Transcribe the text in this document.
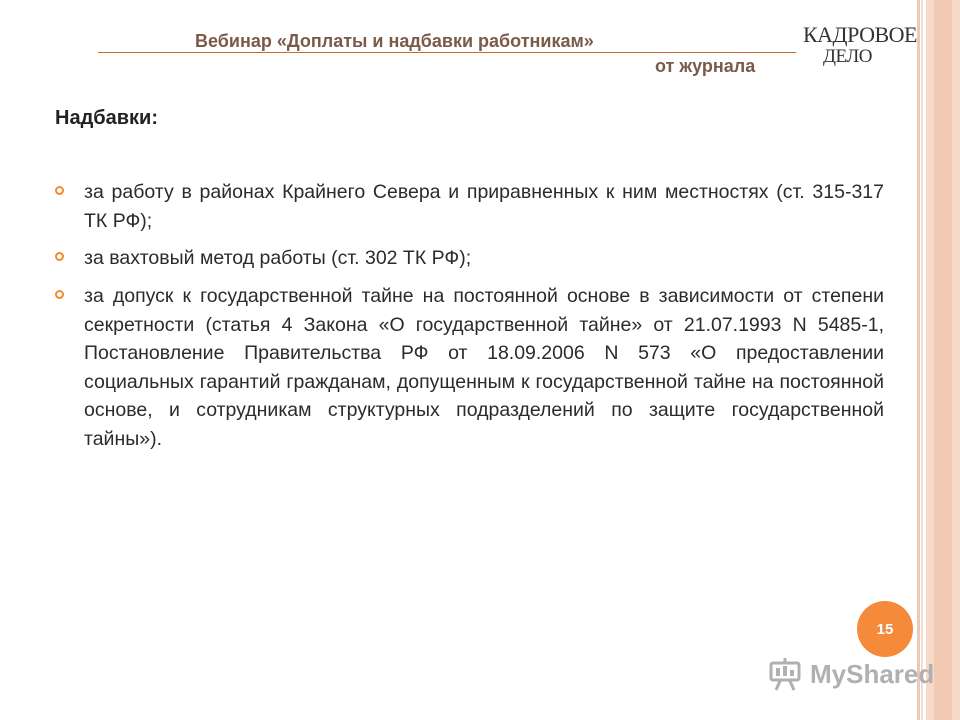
Вебинар «Доплаты и надбавки работникам»
от журнала
КАДРОВОЕ
ДЕЛО
Надбавки:
за работу в районах Крайнего Севера и приравненных к ним местностях (ст. 315-317 ТК РФ);
за вахтовый метод работы (ст. 302 ТК РФ);
за допуск к государственной тайне на постоянной основе в зависимости от степени секретности (статья 4 Закона «О государственной тайне» от 21.07.1993 N 5485-1, Постановление Правительства РФ от 18.09.2006 N 573 «О предоставлении социальных гарантий гражданам, допущенным к государственной тайне на постоянной основе, и сотрудникам структурных подразделений по защите государственной тайны»).
15
MyShared
